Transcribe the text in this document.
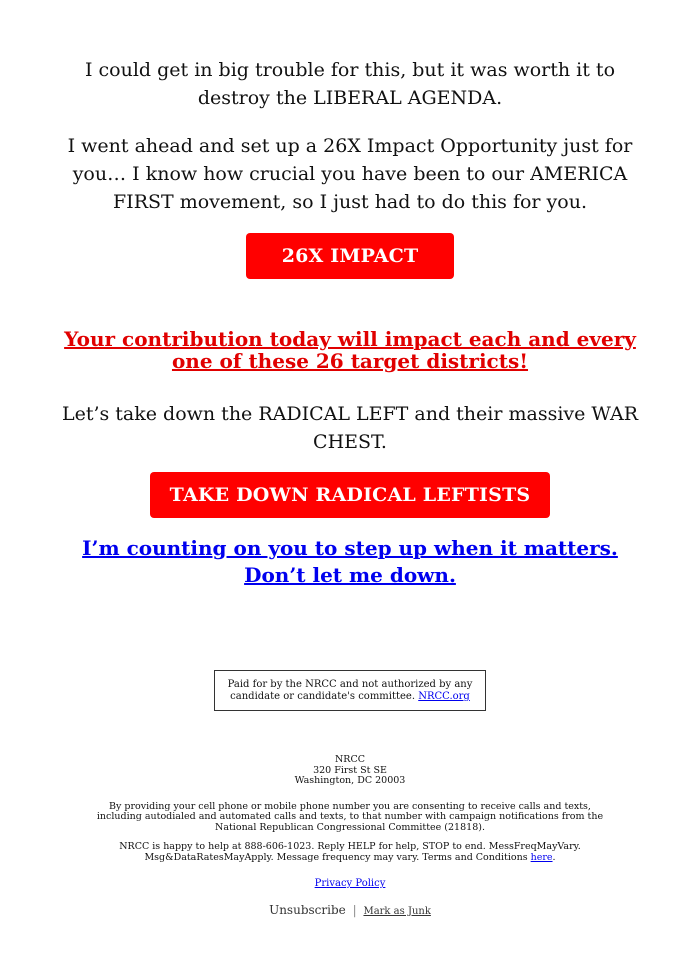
I could get in big trouble for this, but it was worth it to destroy the LIBERAL AGENDA.

I went ahead and set up a 26X Impact Opportunity just for you… I know how crucial you have been to our AMERICA FIRST movement, so I just had to do this for you.

26X IMPACT >>
Your contribution today will impact each and every one of these 26 target districts!

Let’s take down the RADICAL LEFT and their massive WAR CHEST.

TAKE DOWN RADICAL LEFTISTS
I’m counting on you to step up when it matters. Don’t let me down.
Paid for by the NRCC and not authorized by any candidate or candidate's committee. NRCC.org
NRCC
320 First St SE
Washington, DC 20003
By providing your cell phone or mobile phone number you are consenting to receive calls and texts, including autodialed and automated calls and texts, to that number with campaign notifications from the National Republican Congressional Committee (21818).
NRCC is happy to help at 888-606-1023. Reply HELP for help, STOP to end. MessFreqMayVary. Msg&DataRatesMayApply. Message frequency may vary. Terms and Conditions here.
Privacy Policy
Unsubscribe | Mark as Junk
